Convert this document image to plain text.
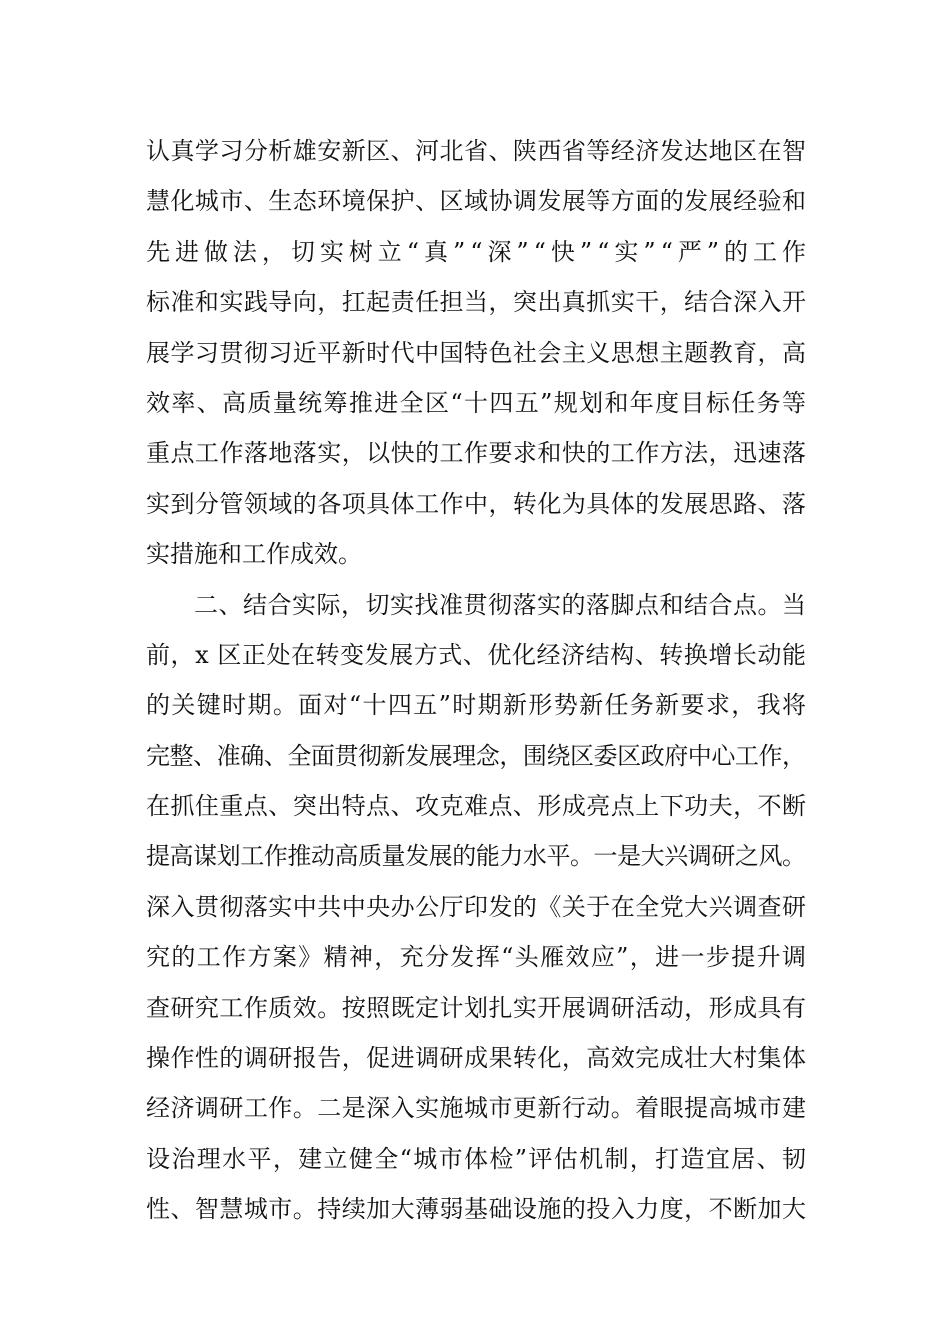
认真学习分析雄安新区、河北省、陕西省等经济发达地区在智
慧化城市、生态环境保护、区域协调发展等方面的发展经验和
先进做法，切实树立“真”“深”“快”“实”“严”的工作
标准和实践导向，扛起责任担当，突出真抓实干，结合深入开
展学习贯彻习近平新时代中国特色社会主义思想主题教育，高
效率、高质量统筹推进全区“十四五”规划和年度目标任务等
重点工作落地落实，以快的工作要求和快的工作方法，迅速落
实到分管领域的各项具体工作中，转化为具体的发展思路、落
实措施和工作成效。
二、结合实际，切实找准贯彻落实的落脚点和结合点。当
前，x 区正处在转变发展方式、优化经济结构、转换增长动能
的关键时期。面对“十四五”时期新形势新任务新要求，我将
完整、准确、全面贯彻新发展理念，围绕区委区政府中心工作，
在抓住重点、突出特点、攻克难点、形成亮点上下功夫，不断
提高谋划工作推动高质量发展的能力水平。一是大兴调研之风。
深入贯彻落实中共中央办公厅印发的《关于在全党大兴调查研
究的工作方案》精神，充分发挥“头雁效应”，进一步提升调
查研究工作质效。按照既定计划扎实开展调研活动，形成具有
操作性的调研报告，促进调研成果转化，高效完成壮大村集体
经济调研工作。二是深入实施城市更新行动。着眼提高城市建
设治理水平，建立健全“城市体检”评估机制，打造宜居、韧
性、智慧城市。持续加大薄弱基础设施的投入力度，不断加大
